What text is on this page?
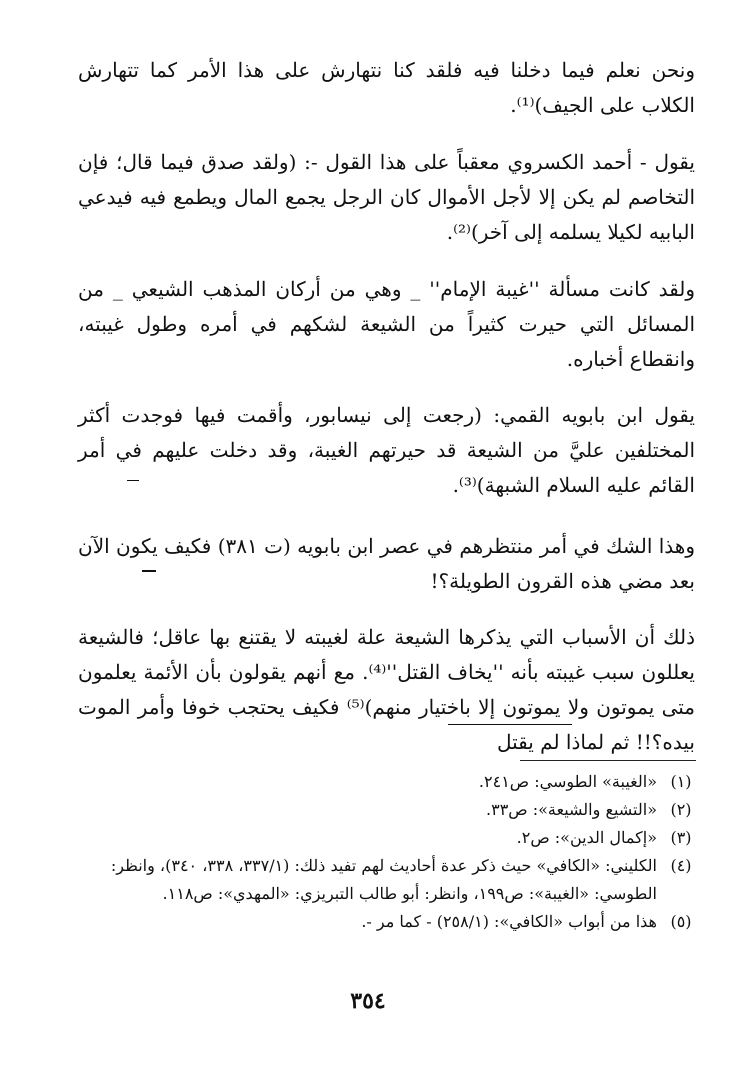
ونحن نعلم فيما دخلنا فيه فلقد كنا نتهارش على هذا الأمر كما تتهارش الكلاب على الجيف)⁽¹⁾.
يقول - أحمد الكسروي معقباً على هذا القول -: (ولقد صدق فيما قال؛ فإن التخاصم لم يكن إلا لأجل الأموال كان الرجل يجمع المال ويطمع فيه فيدعي البابيه لكيلا يسلمه إلى آخر)⁽²⁾.
ولقد كانت مسألة ''غيبة الإمام'' _ وهي من أركان المذهب الشيعي _ من المسائل التي حيرت كثيراً من الشيعة لشكهم في أمره وطول غيبته، وانقطاع أخباره.
يقول ابن بابويه القمي: (رجعت إلى نيسابور، وأقمت فيها فوجدت أكثر المختلفين عليَّ من الشيعة قد حيرتهم الغيبة، وقد دخلت عليهم في أمر القائم عليه السلام الشبهة)⁽³⁾.
وهذا الشك في أمر منتظرهم في عصر ابن بابويه (ت ٣٨١) فكيف يكون الآن بعد مضي هذه القرون الطويلة؟!
ذلك أن الأسباب التي يذكرها الشيعة علة لغيبته لا يقتنع بها عاقل؛ فالشيعة يعللون سبب غيبته بأنه ''يخاف القتل''⁽⁴⁾. مع أنهم يقولون بأن الأئمة يعلمون متى يموتون ولا يموتون إلا باختيار منهم)⁽⁵⁾ فكيف يحتجب خوفا وأمر الموت بيده؟!! ثم لماذا لم يقتل
(١)
«الغيبة» الطوسي: ص٢٤١.
(٢)
«التشيع والشيعة»: ص٣٣.
(٣)
«إكمال الدين»: ص٢.
(٤)
الكليني: «الكافي» حيث ذكر عدة أحاديث لهم تفيد ذلك: (٣٣٧/١، ٣٣٨، ٣٤٠)، وانظر: الطوسي: «الغيبة»: ص١٩٩، وانظر: أبو طالب التبريزي: «المهدي»: ص١١٨.
(٥)
هذا من أبواب «الكافي»: (٢٥٨/١) - كما مر -.
٣٥٤
